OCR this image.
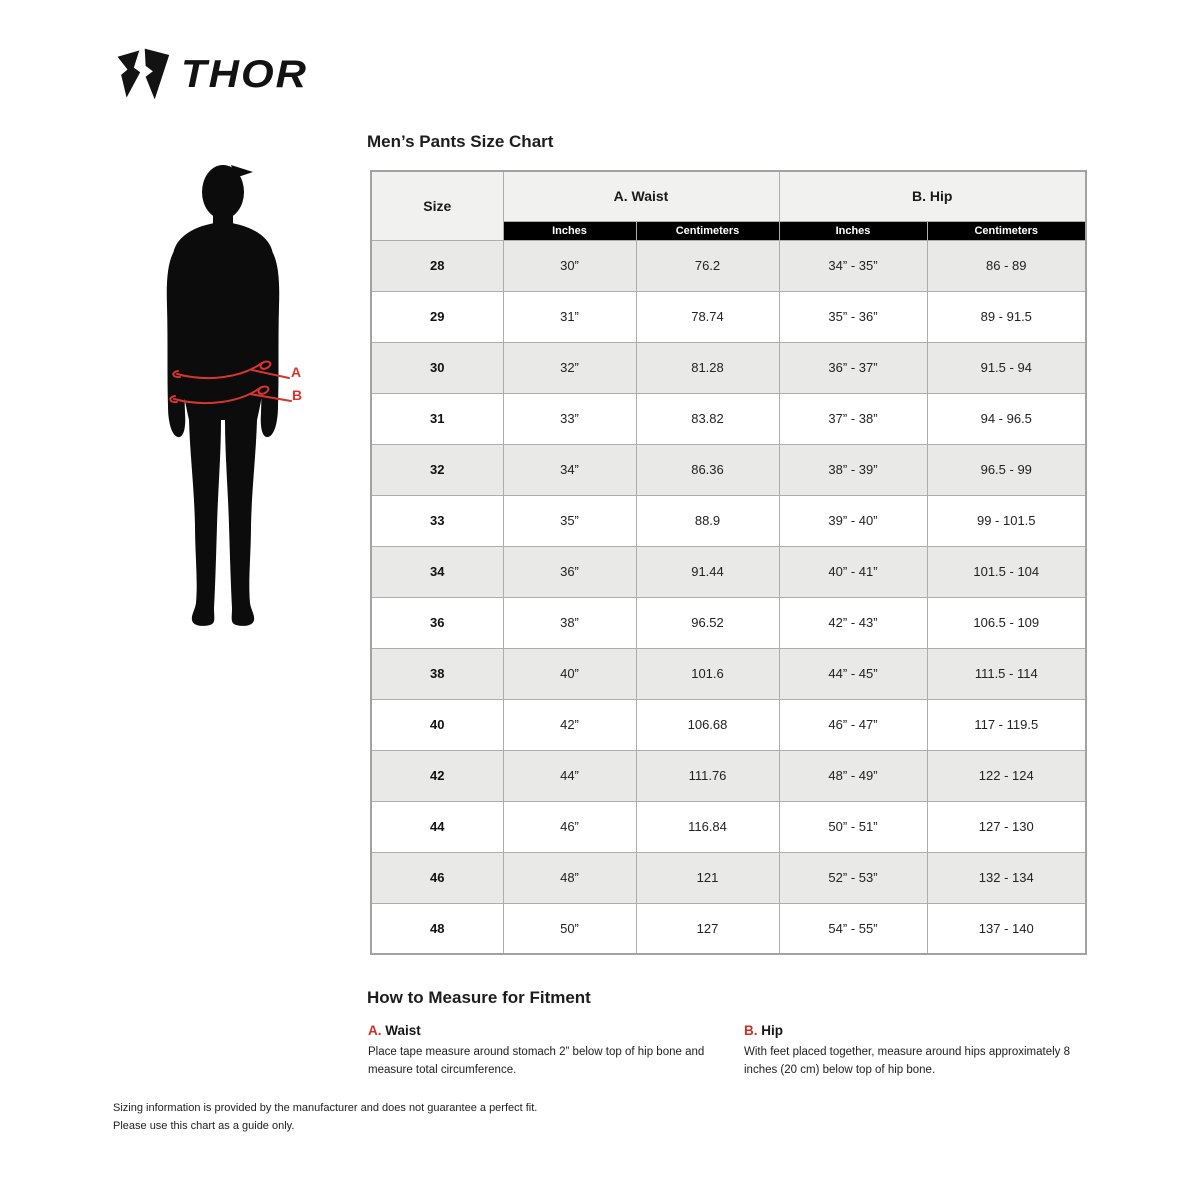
THOR
A
B
Men’s Pants Size Chart
Size	A. Waist		B. Hip	
	Inches	Centimeters	Inches	Centimeters
28	30”	76.2	34” - 35”	86 - 89
29	31”	78.74	35” - 36”	89 - 91.5
30	32”	81.28	36” - 37”	91.5 - 94
31	33”	83.82	37” - 38”	94 - 96.5
32	34”	86.36	38” - 39”	96.5 - 99
33	35”	88.9	39” - 40”	99 - 101.5
34	36”	91.44	40” - 41”	101.5 - 104
36	38”	96.52	42” - 43”	106.5 - 109
38	40”	101.6	44” - 45”	111.5 - 114
40	42”	106.68	46” - 47”	117 - 119.5
42	44”	111.76	48” - 49”	122 - 124
44	46”	116.84	50” - 51”	127 - 130
46	48”	121	52” - 53”	132 - 134
48	50”	127	54” - 55”	137 - 140
How to Measure for Fitment
A. Waist
Place tape measure around stomach 2” below top of hip bone and measure total circumference.
B. Hip
With feet placed together, measure around hips approximately 8 inches (20 cm) below top of hip bone.
Sizing information is provided by the manufacturer and does not guarantee a perfect fit.
Please use this chart as a guide only.
